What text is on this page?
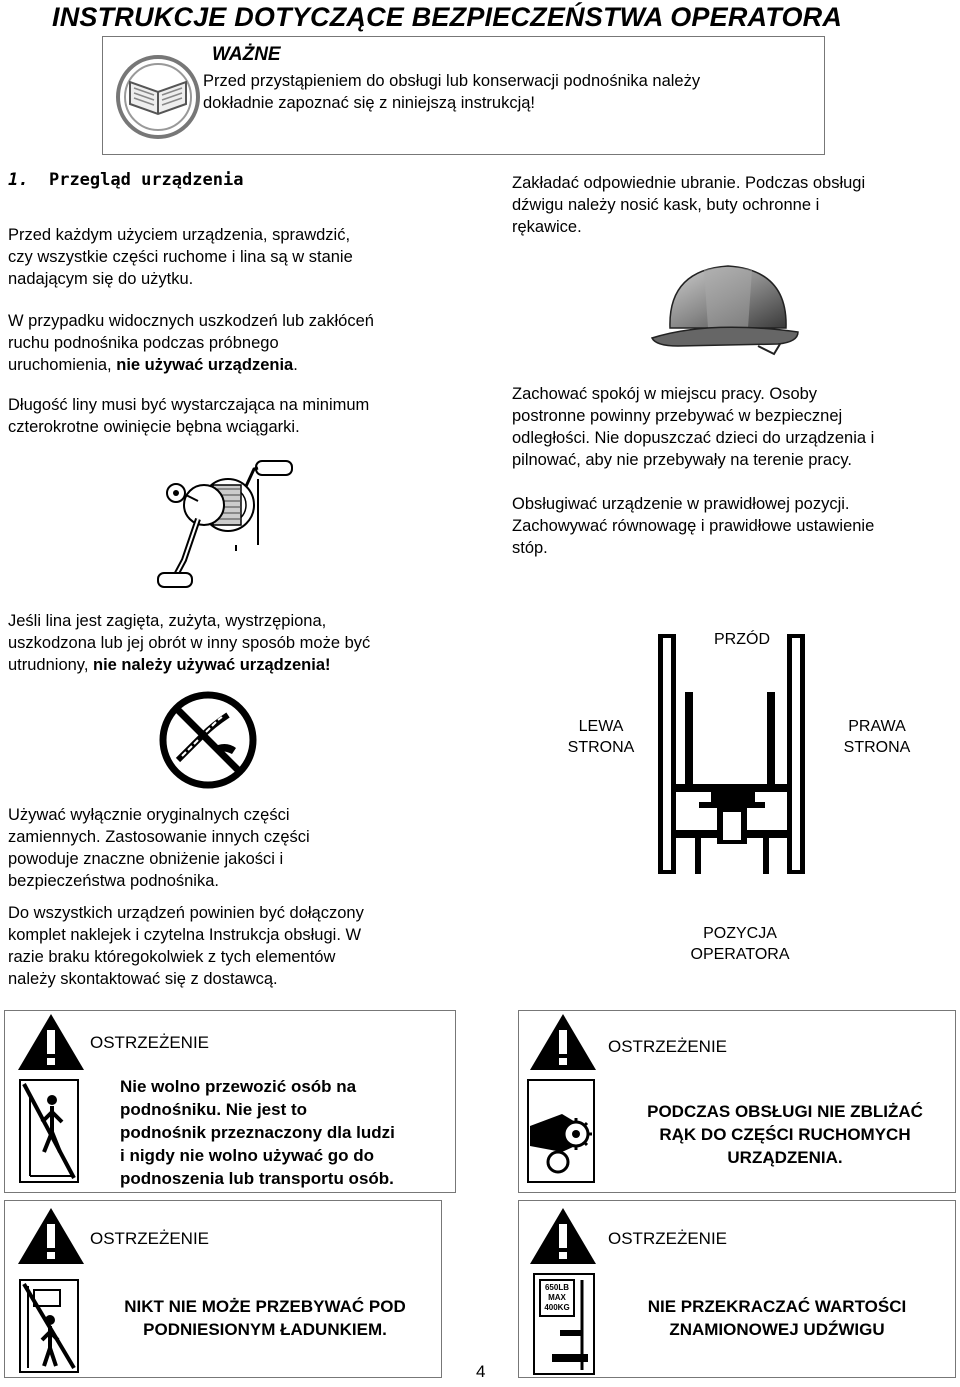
INSTRUKCJE DOTYCZĄCE BEZPIECZEŃSTWA OPERATORA
WAŻNE
Przed przystąpieniem do obsługi lub konserwacji podnośnika należy
dokładnie zapoznać się z niniejszą instrukcją!
1. Przegląd urządzenia
Przed każdym użyciem urządzenia, sprawdzić,
czy wszystkie części ruchome i lina są w stanie
nadającym się do użytku.
W przypadku widocznych uszkodzeń lub zakłóceń
ruchu podnośnika podczas próbnego
uruchomienia, nie używać urządzenia.
Długość liny musi być wystarczająca na minimum
czterokrotne owinięcie bębna wciągarki.
Jeśli lina jest zagięta, zużyta, wystrzępiona,
uszkodzona lub jej obrót w inny sposób może być
utrudniony, nie należy używać urządzenia!
Używać wyłącznie oryginalnych części
zamiennych. Zastosowanie innych części
powoduje znaczne obniżenie jakości i
bezpieczeństwa podnośnika.
Do wszystkich urządzeń powinien być dołączony
komplet naklejek i czytelna Instrukcja obsługi. W
razie braku któregokolwiek z tych elementów
należy skontaktować się z dostawcą.
Zakładać odpowiednie ubranie. Podczas obsługi
dźwigu należy nosić kask, buty ochronne i
rękawice.
Zachować spokój w miejscu pracy. Osoby
postronne powinny przebywać w bezpiecznej
odległości. Nie dopuszczać dzieci do urządzenia i
pilnować, aby nie przebywały na terenie pracy.
Obsługiwać urządzenie w prawidłowej pozycji.
Zachowywać równowagę i prawidłowe ustawienie
stóp.
PRZÓD
LEWA
STRONA
PRAWA
STRONA
POZYCJA
OPERATORA
OSTRZEŻENIE
Nie wolno przewozić osób na
podnośniku. Nie jest to
podnośnik przeznaczony dla ludzi
i nigdy nie wolno używać go do
podnoszenia lub transportu osób.
OSTRZEŻENIE
PODCZAS OBSŁUGI NIE ZBLIŻAĆ
RĄK DO CZĘŚCI RUCHOMYCH
URZĄDZENIA.
OSTRZEŻENIE
NIKT NIE MOŻE PRZEBYWAĆ POD
PODNIESIONYM ŁADUNKIEM.
650LB
MAX
400KG
OSTRZEŻENIE
NIE PRZEKRACZAĆ WARTOŚCI
ZNAMIONOWEJ UDŹWIGU
4
